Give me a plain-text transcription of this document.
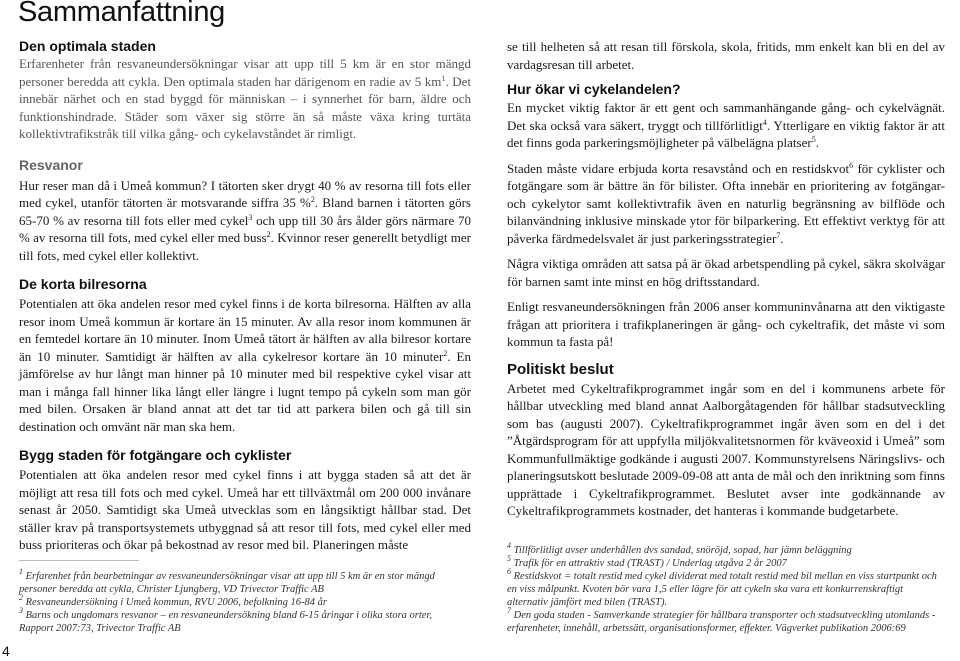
Sammanfattning
Den optimala staden

Erfarenheter från resvaneundersökningar visar att upp till 5 km är en stor mängd personer beredda att cykla. Den optimala staden har därigenom en radie av 5 $km^1$. Det innebär närhet och en stad byggd för människan – i synnerhet för barn, äldre och funktionshindrade. Städer som växer sig större än så måste växa kring turtäta kollektivtrafikstråk till vilka gång- och cykelavståndet är rimligt.

Resvanor

Hur reser man då i Umeå kommun? I tätorten sker drygt 40 % av resorna till fots eller med cykel, utanför tätorten är motsvarande siffra 35 %$^2$. Bland barnen i tätorten görs 65-70 % av resorna till fots eller med cykel$^3$ och upp till 30 års ålder görs närmare 70 % av resorna till fots, med cykel eller med buss$^2$. Kvinnor reser generellt betydligt mer till fots, med cykel eller kollektivt.

De korta bilresorna

Potentialen att öka andelen resor med cykel finns i de korta bilresorna. Hälften av alla resor inom Umeå kommun är kortare än 15 minuter. Av alla resor inom kommunen är en femtedel kortare än 10 minuter. Inom Umeå tätort är hälften av alla bilresor kortare än 10 minuter. Samtidigt är hälften av alla cykelresor kortare än 10 minuter$^2$. En jämförelse av hur långt man hinner på 10 minuter med bil respektive cykel visar att man i många fall hinner lika långt eller längre i lugnt tempo på cykeln som man gör med bilen. Orsaken är bland annat att det tar tid att parkera bilen och gå till sin destination och omvänt när man ska hem.

Bygg staden för fotgängare och cyklister

Potentialen att öka andelen resor med cykel finns i att bygga staden så att det är möjligt att resa till fots och med cykel. Umeå har ett tillväxtmål om 200 000 invånare senast år 2050. Samtidigt ska Umeå utvecklas som en långsiktigt hållbar stad. Det ställer krav på transportsystemets utbyggnad så att resor till fots, med cykel eller med buss prioriteras och ökar på bekostnad av resor med bil. Planeringen måste

$^1$ Erfarenhet från bearbetningar av resvaneundersökningar visar att upp till 5 km är en stor mängd personer beredda att cykla, Christer Ljungberg, VD Trivector Traffic AB
$^2$ Resvaneundersökning i Umeå kommun, RVU 2006, befolkning 16-84 år
$^3$ Barns och ungdomars resvanor – en resvaneundersökning bland 6-15 åringar i olika stora orter, Rapport 2007:73, Trivector Traffic AB

se till helheten så att resan till förskola, skola, fritids, mm enkelt kan bli en del av vardagsresan till arbetet.

Hur ökar vi cykelandelen?

En mycket viktig faktor är ett gent och sammanhängande gång- och cykelvägnät. Det ska också vara säkert, tryggt och tillförlitligt$^4$. Ytterligare en viktig faktor är att det finns goda parkeringsmöjligheter på välbelägna platser$^5$.

Staden måste vidare erbjuda korta resavstånd och en restidskvot$^6$ för cyklister och fotgängare som är bättre än för bilister. Ofta innebär en prioritering av fotgängar- och cykelytor samt kollektivtrafik även en naturlig begränsning av bilflöde och bilanvändning inklusive minskade ytor för bilparkering. Ett effektivt verktyg för att påverka färdmedelsvalet är just parkeringsstrategier$^7$.

Några viktiga områden att satsa på är ökad arbetspendling på cykel, säkra skolvägar för barnen samt inte minst en hög driftsstandard.

Enligt resvaneundersökningen från 2006 anser kommuninvånarna att den viktigaste frågan att prioritera i trafikplaneringen är gång- och cykeltrafik, det måste vi som kommun ta fasta på!

Politiskt beslut

Arbetet med Cykeltrafikprogrammet ingår som en del i kommunens arbete för hållbar utveckling med bland annat Aalborgåtagenden för hållbar stadsutveckling som bas (augusti 2007). Cykeltrafikprogrammet ingår även som en del i det ”Åtgärdsprogram för att uppfylla miljökvalitetsnormen för kväveoxid i Umeå” som Kommunfullmäktige godkände i augusti 2007. Kommunstyrelsens Näringslivs- och planeringsutskott beslutade 2009-09-08 att anta de mål och den inriktning som finns upprättade i Cykeltrafikprogrammet. Beslutet avser inte godkännande av Cykeltrafikprogrammets kostnader, det hanteras i kommande budgetarbete.

$^4$ Tillförlitligt avser underhållen dvs sandad, snöröjd, sopad, har jämn beläggning
$^5$ Trafik för en attraktiv stad (TRAST) / Underlag utgåva 2 år 2007
$^6$ Restidskvot = totalt restid med cykel dividerat med totalt restid med bil mellan en viss startpunkt och en viss målpunkt. Kvoten bör vara 1,5 eller lägre för att cykeln ska vara ett konkurrenskraftigt alternativ jämfört med bilen (TRAST).
$^7$ Den goda staden - Samverkande strategier för hållbara transporter och stadsutveckling utomlands - erfarenheter, innehåll, arbetssätt, organisationsformer, effekter. Vägverket publikation 2006:69
4
